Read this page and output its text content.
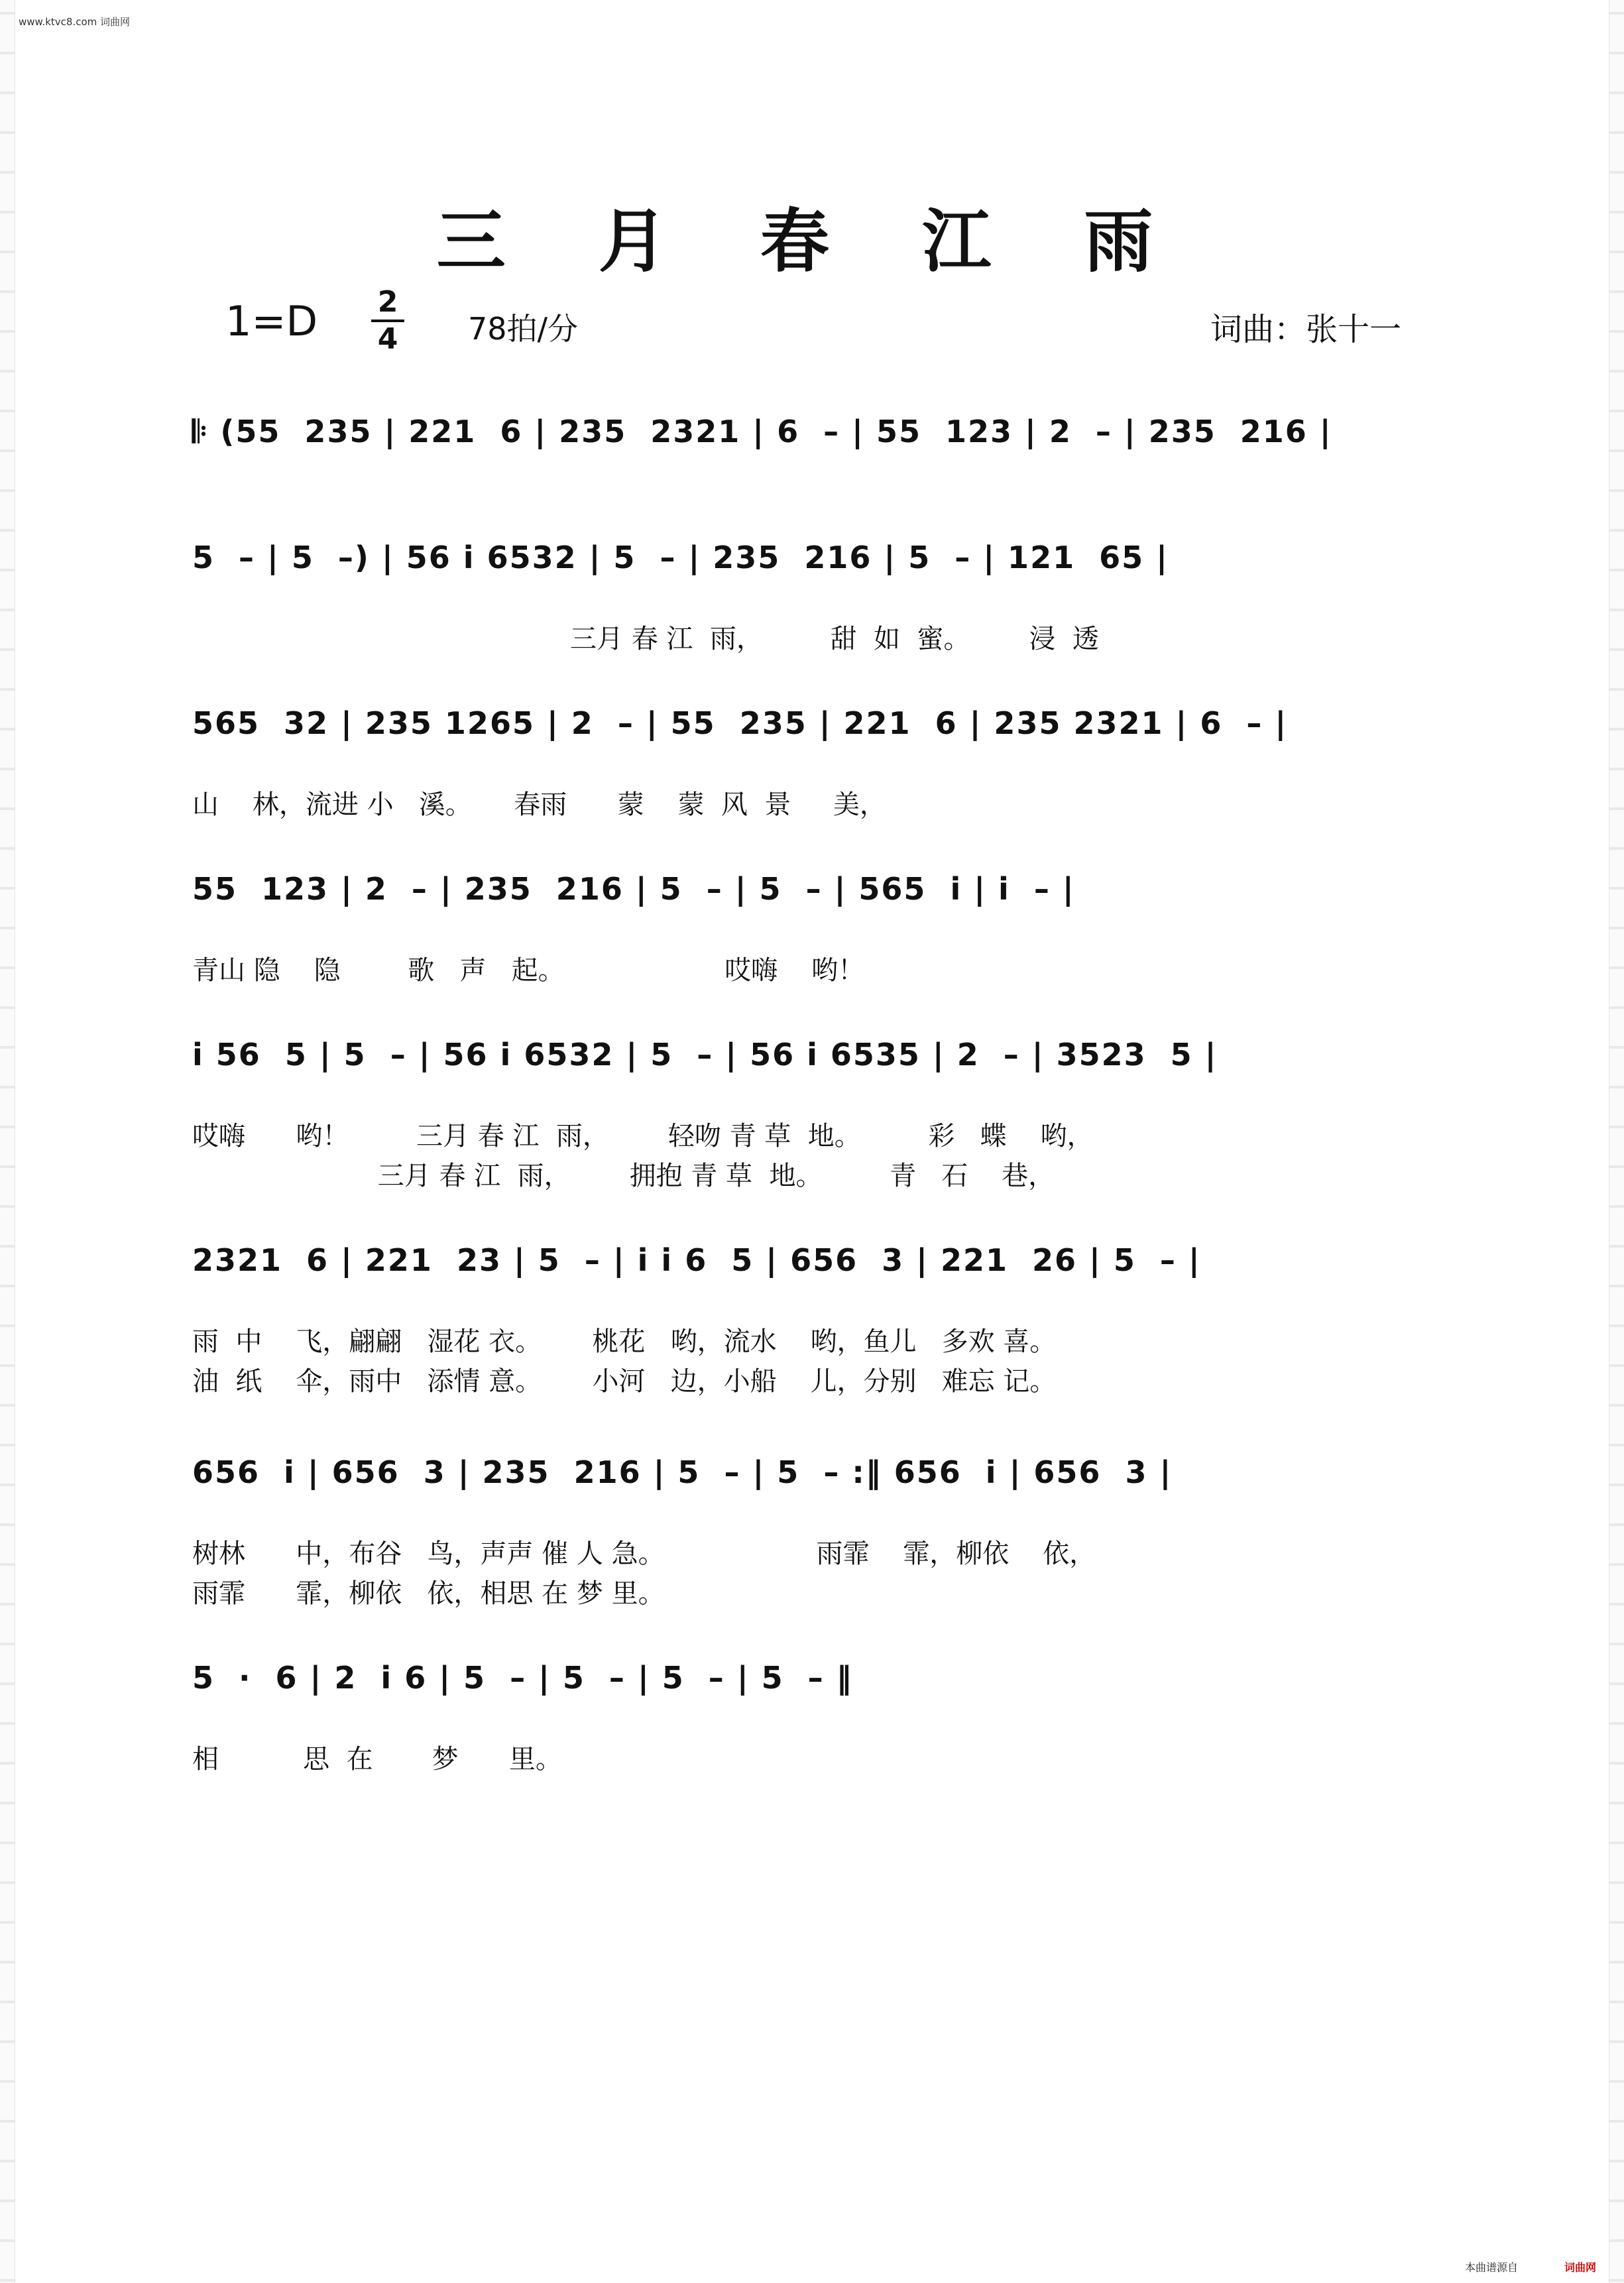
www.ktvc8.com 词曲网
三 月 春 江 雨
1=D 2
4 78拍/分	词曲：张十一
𝄆 (55  235 | 221  6 | 235  2321 | 6  – | 55  123 | 2  – | 235  216 |
5  – | 5  –) | 56 i 6532 | 5  – | 235  216 | 5  – | 121  65 |
三月 春 江  雨，        甜  如  蜜。       浸  透
565  32 | 235 1265 | 2  – | 55  235 | 221  6 | 235 2321 | 6  – |
山    林，流进 小   溪。     春雨      蒙    蒙  风  景     美，
55  123 | 2  – | 235  216 | 5  – | 5  – | 565  i | i  – |
青山 隐    隐        歌   声   起。                   哎嗨    哟！
i 56  5 | 5  – | 56 i 6532 | 5  – | 56 i 6535 | 2  – | 3523  5 |
哎嗨      哟！        三月 春 江  雨，       轻吻 青 草  地。        彩   蝶    哟，
三月 春 江  雨，       拥抱 青 草  地。        青   石    巷，
2321  6 | 221  23 | 5  – | i i 6  5 | 656  3 | 221  26 | 5  – |
雨  中    飞，翩翩   湿花 衣。      桃花   哟，流水    哟，鱼儿   多欢 喜。
油  纸    伞，雨中   添情 意。      小河   边，小船    儿，分别   难忘 记。
656  i | 656  3 | 235  216 | 5  – | 5  – :‖ 656  i | 656  3 |
树林      中，布谷   鸟，声声 催 人 急。                  雨霏    霏，柳依    依，
雨霏      霏，柳依   依，相思 在 梦 里。
5  ·  6 | 2  i 6 | 5  – | 5  – | 5  – | 5  – ‖
相          思  在       梦      里。
本曲谱源自	词曲网
